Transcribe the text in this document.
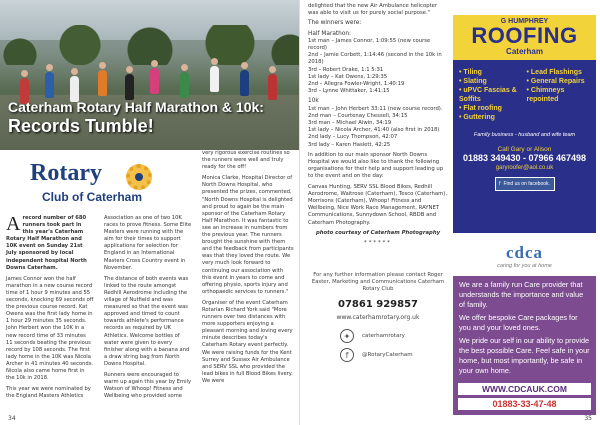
Caterham Rotary Half Marathon & 10k:
Records Tumble!
Rotary
Club of Caterham

A record number of 680 runners took part in this year's Caterham Rotary Half Marathon and 10K event on Sunday 21st July sponsored by local independent hospital North Downs Caterham.

James Connor won the half marathon in a new course record time of 1 hour 9 minutes and 55 seconds, knocking 69 seconds off the previous course record. Kat Owens was the first lady home in 1 hour 29 minutes 35 seconds. John Herbert won the 10K in a new record time of 33 minutes 11 seconds beating the previous record by 108 seconds. The first lady home in the 10K was Nicola Archer in 41 minutes 40 seconds. Nicola also came home first in the 10k in 2018.

This year we were nominated by the England Masters Athletics

Association as one of two 10K races to prove fitness. Some Elite Masters were running with the aim for their times to support applications for selection for England in an International Masters Cross Country event in November.

The distance of both events was linked to the route amongst Redhill Aerodrome including the village of Nutfield and was measured so that the event was approved and timed to count towards athlete's performance records as required by UK Athletics. Welcome bottles of water were given to every finisher along with a banana and a draw string bag from North Downs Hospital.

Runners were encouraged to warm up again this year by Emily Watson of Whoop! Fitness and Wellbeing who provided some

very rigorous exercise routines so the runners were well and truly ready for the off!

Monica Clarke, Hospital Director of North Downs Hospital, who presented the prizes, commented, "North Downs Hospital is delighted and proud to again be the main sponsor of the Caterham Rotary Half Marathon. It was fantastic to see an increase in numbers from the previous year. The runners brought the sunshine with them and the feedback from participants was that they loved the route. We very much look forward to continuing our association with this event in years to come and offering physio, sports injury and orthopaedic services to runners."

Organiser of the event Caterham Rotarian Richard York said "More runners over two distances with more supporters enjoying a pleasant morning and loving every minute describes today's Caterham Rotary event perfectly. We were raising funds for the Kent Surrey and Sussex Air Ambulance and SERV SSL who provided the lead bikes in full Blood Bikes livery. We were

34

delighted that the new Air Ambulance helicopter was able to visit us for purely social purpose."

The winners were:
Half Marathon:
1st man – James Connor, 1:09:55 (new course record)
2nd – Jamie Corbett, 1:14:46 (second in the 10k in 2018)
3rd – Robert Drake, 1:1 5:31
1st lady – Kat Owens, 1:29:35
2nd – Allegra Fowler-Wright, 1:40:19
3rd – Lynne Whittaker, 1:41:15
10k
1st man – John Herbert 33:11 (new course record).
2nd man – Courtenay Chessell, 34:15
3rd man – Michael Alwin, 34:19
1st lady – Nicola Archer, 41:40 (also first in 2018)
2nd lady – Lucy Thompson, 42:07
3rd lady – Karen Haslett, 42:25

In addition to our main sponsor North Downs Hospital we would also like to thank the following organisations for their help and support leading up to the event and on the day:

Canvas Hunting, SERV SSL Blood Bikes, Redhill Aerodrome, Waitrose (Caterham), Tesco (Caterham), Morrisons (Caterham), Whoop! Fitness and Wellbeing, Nice Work Race Management, RAYNET Communications, Sunnydown School, RBDB and Caterham Photography.

photo courtesy of Caterham Photography
******
For any further information please contact Roger Easter, Marketing and Communications Caterham Rotary Club
07861 929857
www.caterhamrotary.org.uk
✦	caterhamrotary
f	@RotaryCaterham
G HUMPHREY
ROOFING
Caterham
• Tiling	• Lead Flashings
• Slating	• General Repairs
• uPVC Fascias & Soffits
• Chimneys repointed
• Flat roofing
• Guttering
Family business - husband and wife team
Call Gary or Alison
01883 349430 - 07966 467498
garyroofer@aol.co.uk
f Find us on facebook.
cdca
caring for you at home

We are a family run Care provider that understands the importance and value of family.

We offer bespoke Care packages for you and your loved ones.

We pride our self in our ability to provide the best possible Care. Feel safe in your home, but most importantly, be safe in your own home.

WWW.CDCAUK.COM
01883-33-47-48
35
